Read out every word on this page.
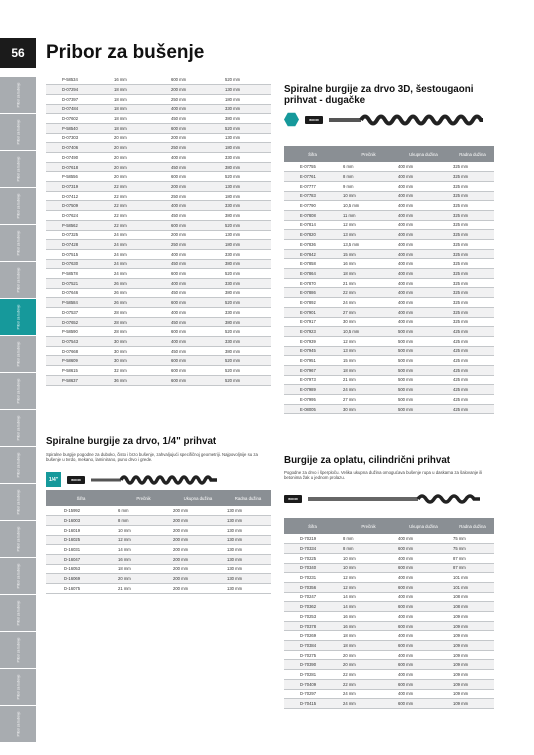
56	Pribor za bušenje
Pribor za bušenje
Pribor za bušenje
Pribor za bušenje
Pribor za bušenje
Pribor za bušenje
Pribor za bušenje
Pribor za bušenje
Pribor za bušenje
Pribor za bušenje
Pribor za bušenje
Pribor za bušenje
Pribor za bušenje
Pribor za bušenje
Pribor za bušenje
Pribor za bušenje
Pribor za bušenje
Pribor za bušenje
Pribor za bušenje
P-58534	16 mm	600 mm	520 mm
D-07294	18 mm	200 mm	130 mm
D-07397	18 mm	250 mm	180 mm
D-07484	18 mm	400 mm	330 mm
D-07602	18 mm	450 mm	380 mm
P-58540	18 mm	600 mm	520 mm
D-07303	20 mm	200 mm	130 mm
D-07406	20 mm	250 mm	180 mm
D-07490	20 mm	400 mm	330 mm
D-07618	20 mm	450 mm	380 mm
P-58556	20 mm	600 mm	520 mm
D-07319	22 mm	200 mm	130 mm
D-07412	22 mm	250 mm	180 mm
D-07509	22 mm	400 mm	330 mm
D-07624	22 mm	450 mm	380 mm
P-58562	22 mm	600 mm	520 mm
D-07325	24 mm	200 mm	130 mm
D-07428	24 mm	250 mm	180 mm
D-07515	24 mm	400 mm	330 mm
D-07630	24 mm	450 mm	380 mm
P-58578	24 mm	600 mm	520 mm
D-07521	26 mm	400 mm	330 mm
D-07646	26 mm	450 mm	380 mm
P-58584	26 mm	600 mm	520 mm
D-07537	28 mm	400 mm	330 mm
D-07652	28 mm	450 mm	380 mm
P-58590	28 mm	600 mm	520 mm
D-07543	30 mm	400 mm	330 mm
D-07668	30 mm	450 mm	380 mm
P-58609	30 mm	600 mm	520 mm
P-58615	32 mm	600 mm	520 mm
P-58637	36 mm	600 mm	520 mm
Spiralne burgije za drvo, 1/4" prihvat

Spiralne burgije pogodne za duboko, čisto i brzo bušenje, zahvaljujući specifičnoj geometriji. Najpovoljnije su za bušenje u tvrdo, mekano, laminirano, puno drvo i grede.

1/4"	WOOD
Šifra	Prečnik	Ukupna dužina	Radna dužina
D-15992	6 mm	200 mm	130 mm
D-16003	8 mm	200 mm	130 mm
D-16019	10 mm	200 mm	130 mm
D-16025	12 mm	200 mm	130 mm
D-16031	14 mm	200 mm	130 mm
D-16047	16 mm	200 mm	130 mm
D-16053	18 mm	200 mm	130 mm
D-16069	20 mm	200 mm	130 mm
D-16075	21 mm	200 mm	130 mm
Spiralne burgije za drvo 3D, šestougaoni prihvat - dugačke
WOOD
Šifra	Prečnik	Ukupna dužina	Radna dužina
E-07755	6 mm	400 mm	325 mm
E-07761	8 mm	400 mm	325 mm
E-07777	9 mm	400 mm	325 mm
E-07783	10 mm	400 mm	325 mm
E-07790	10,5 mm	400 mm	325 mm
E-07808	11 mm	400 mm	325 mm
E-07814	12 mm	400 mm	325 mm
E-07820	13 mm	400 mm	325 mm
E-07836	13,5 mm	400 mm	325 mm
E-07842	15 mm	400 mm	325 mm
E-07858	16 mm	400 mm	325 mm
E-07864	18 mm	400 mm	325 mm
E-07870	21 mm	400 mm	325 mm
E-07886	22 mm	400 mm	325 mm
E-07892	24 mm	400 mm	325 mm
E-07901	27 mm	400 mm	325 mm
E-07917	30 mm	400 mm	325 mm
E-07923	10,5 mm	500 mm	425 mm
E-07939	12 mm	500 mm	425 mm
E-07945	13 mm	500 mm	425 mm
E-07951	15 mm	500 mm	425 mm
E-07967	18 mm	500 mm	425 mm
E-07973	21 mm	500 mm	425 mm
E-07989	24 mm	500 mm	425 mm
E-07995	27 mm	500 mm	425 mm
E-08005	30 mm	500 mm	425 mm
Burgije za oplatu, cilindrični prihvat

Pogodne za drvo i šperploču. Velika ukupna dužina omogućava bušenje rupa u daskama za šalovanje ili betonima žak u jednom prolazu.

WOOD
Šifra	Prečnik	Ukupna dužina	Radna dužina
D-70219	8 mm	400 mm	75 mm
D-70334	8 mm	600 mm	75 mm
D-70225	10 mm	400 mm	87 mm
D-70340	10 mm	600 mm	87 mm
D-70231	12 mm	400 mm	101 mm
D-70356	12 mm	600 mm	101 mm
D-70247	14 mm	400 mm	108 mm
D-70362	14 mm	600 mm	108 mm
D-70253	16 mm	400 mm	109 mm
D-70378	16 mm	600 mm	109 mm
D-70269	18 mm	400 mm	109 mm
D-70384	18 mm	600 mm	109 mm
D-70275	20 mm	400 mm	109 mm
D-70390	20 mm	600 mm	109 mm
D-70281	22 mm	400 mm	109 mm
D-70409	22 mm	600 mm	109 mm
D-70297	24 mm	400 mm	109 mm
D-70415	24 mm	600 mm	109 mm
